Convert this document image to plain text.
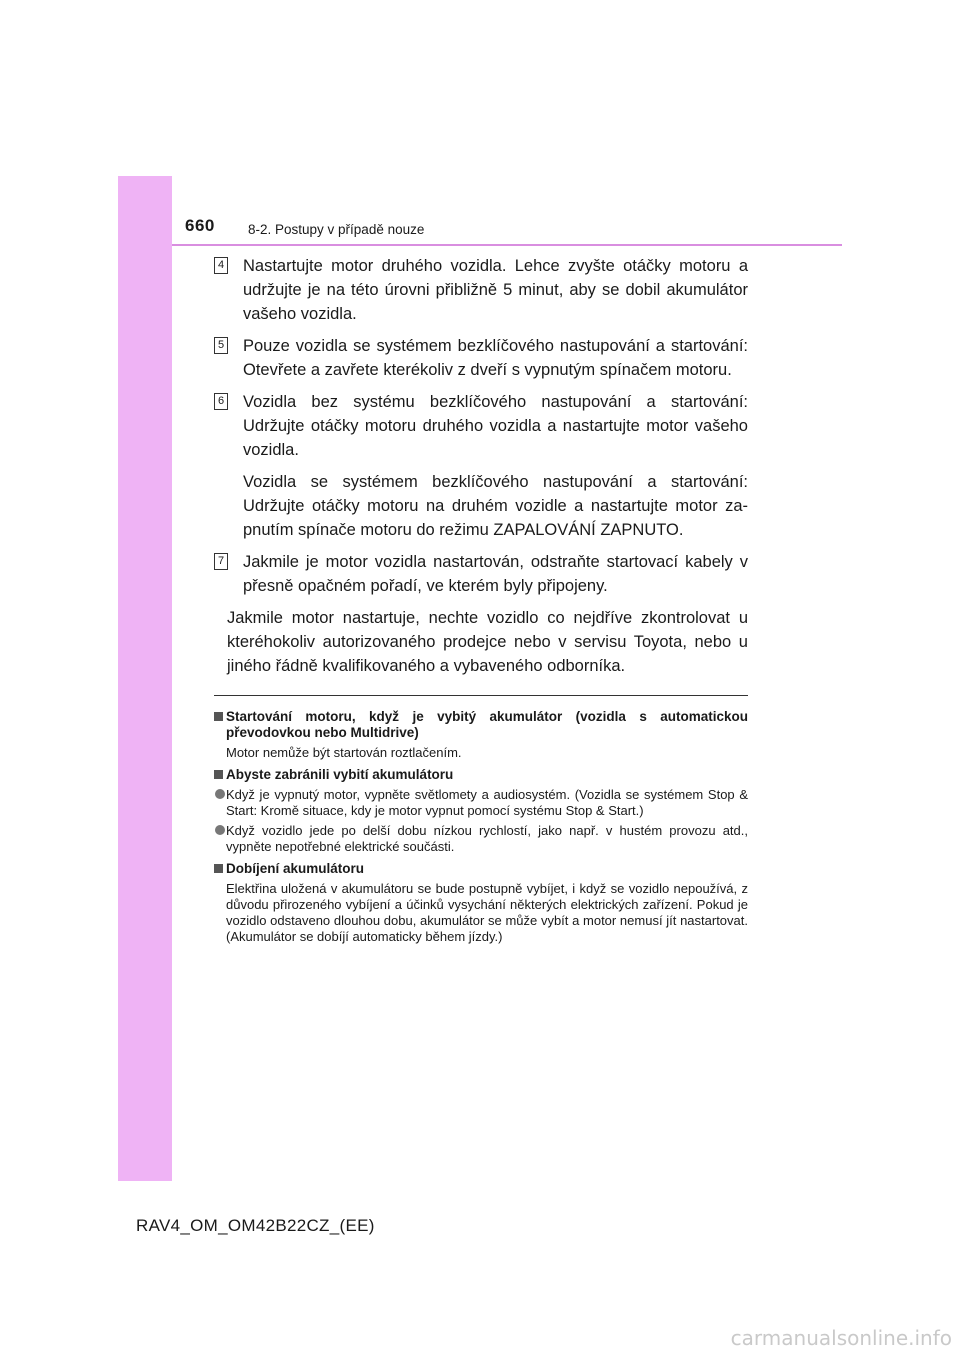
660 8-2. Postupy v případě nouze
4 Nastartujte motor druhého vozidla. Lehce zvyšte otáčky motoru a udržujte je na této úrovni přibližně 5 minut, aby se dobil akumulátor vašeho vozidla.

5 Pouze vozidla se systémem bezklíčového nastupování a startování: Otevřete a zavřete kterékoliv z dveří s vypnutým spínačem motoru.

6 Vozidla bez systému bezklíčového nastupování a startování: Udržujte otáčky motoru druhého vozidla a nastartujte motor vašeho vozidla.

Vozidla se systémem bezklíčového nastupování a startování: Udržujte otáčky motoru na druhém vozidle a nastartujte motor za-pnutím spínače motoru do režimu ZAPALOVÁNÍ ZAPNUTO.

7 Jakmile je motor vozidla nastartován, odstraňte startovací kabely v přesně opačném pořadí, ve kterém byly připojeny.

Jakmile motor nastartuje, nechte vozidlo co nejdříve zkontrolovat u kteréhokoliv autorizovaného prodejce nebo v servisu Toyota, nebo u jiného řádně kvalifikovaného a vybaveného odborníka.
Startování motoru, když je vybitý akumulátor (vozidla s automatickou převodovkou nebo Multidrive)
Motor nemůže být startován roztlačením.
Abyste zabránili vybití akumulátoru
Když je vypnutý motor, vypněte světlomety a audiosystém. (Vozidla se systémem Stop & Start: Kromě situace, kdy je motor vypnut pomocí systému Stop & Start.)
Když vozidlo jede po delší dobu nízkou rychlostí, jako např. v hustém provozu atd., vypněte nepotřebné elektrické součásti.
Dobíjení akumulátoru
Elektřina uložená v akumulátoru se bude postupně vybíjet, i když se vozidlo nepoužívá, z důvodu přirozeného vybíjení a účinků vysychání některých elektrických zařízení. Pokud je vozidlo odstaveno dlouhou dobu, akumulátor se může vybít a motor nemusí jít nastartovat. (Akumulátor se dobíjí automaticky během jízdy.)
RAV4_OM_OM42B22CZ_(EE)
carmanualsonline.info
